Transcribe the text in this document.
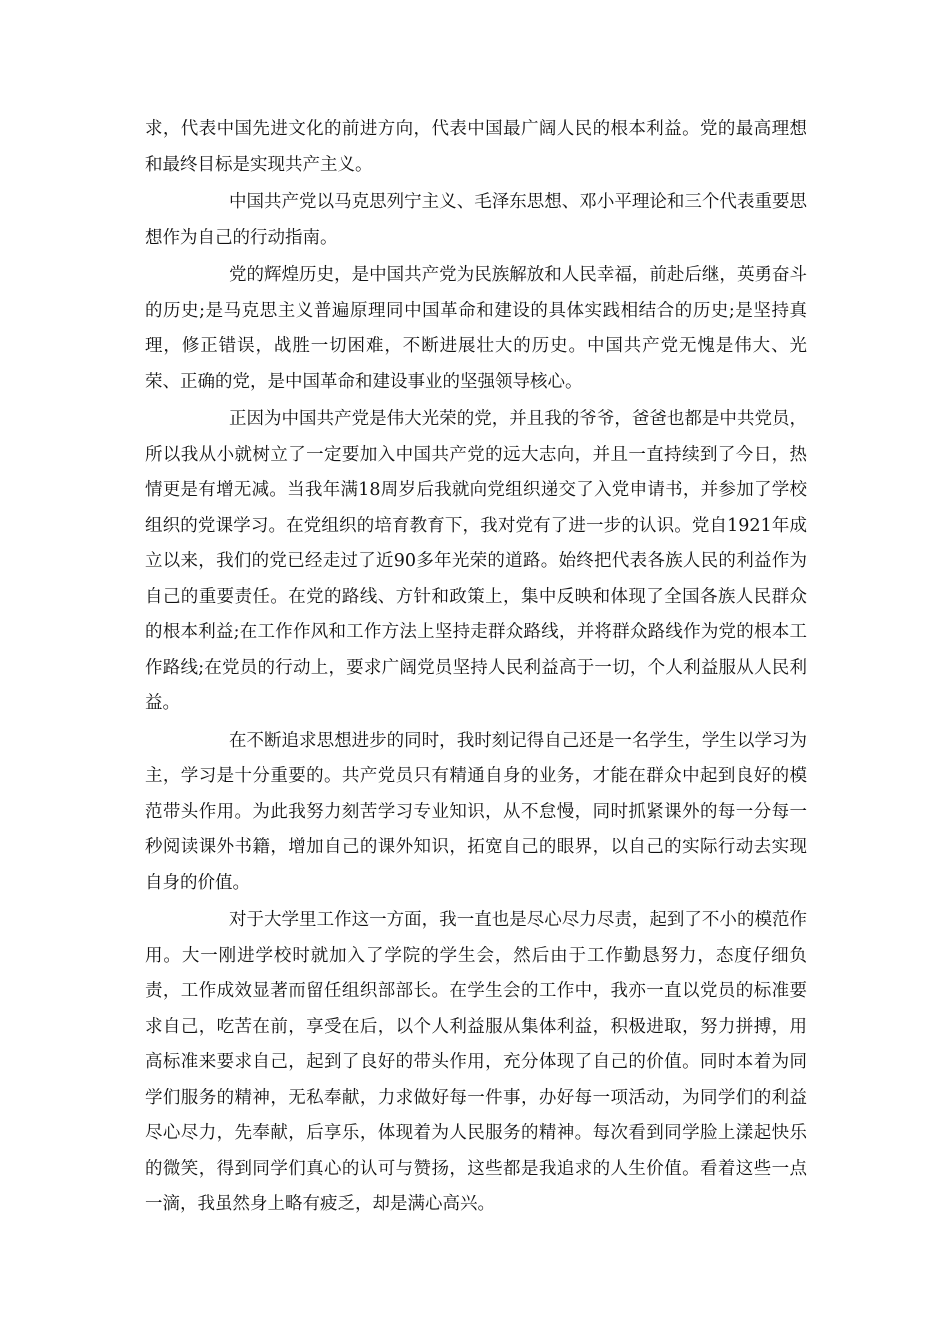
求，代表中国先进文化的前进方向，代表中国最广阔人民的根本利益。党的最高理想和最终目标是实现共产主义。

中国共产党以马克思列宁主义、毛泽东思想、邓小平理论和三个代表重要思想作为自己的行动指南。

党的辉煌历史，是中国共产党为民族解放和人民幸福，前赴后继，英勇奋斗的历史;是马克思主义普遍原理同中国革命和建设的具体实践相结合的历史;是坚持真理，修正错误，战胜一切困难，不断进展壮大的历史。中国共产党无愧是伟大、光荣、正确的党，是中国革命和建设事业的坚强领导核心。

正因为中国共产党是伟大光荣的党，并且我的爷爷，爸爸也都是中共党员，所以我从小就树立了一定要加入中国共产党的远大志向，并且一直持续到了今日，热情更是有增无减。当我年满18周岁后我就向党组织递交了入党申请书，并参加了学校组织的党课学习。在党组织的培育教育下，我对党有了进一步的认识。党自1921年成立以来，我们的党已经走过了近90多年光荣的道路。始终把代表各族人民的利益作为自己的重要责任。在党的路线、方针和政策上，集中反映和体现了全国各族人民群众的根本利益;在工作作风和工作方法上坚持走群众路线，并将群众路线作为党的根本工作路线;在党员的行动上，要求广阔党员坚持人民利益高于一切，个人利益服从人民利益。

在不断追求思想进步的同时，我时刻记得自己还是一名学生，学生以学习为主，学习是十分重要的。共产党员只有精通自身的业务，才能在群众中起到良好的模范带头作用。为此我努力刻苦学习专业知识，从不怠慢，同时抓紧课外的每一分每一秒阅读课外书籍，增加自己的课外知识，拓宽自己的眼界，以自己的实际行动去实现自身的价值。

对于大学里工作这一方面，我一直也是尽心尽力尽责，起到了不小的模范作用。大一刚进学校时就加入了学院的学生会，然后由于工作勤恳努力，态度仔细负责，工作成效显著而留任组织部部长。在学生会的工作中，我亦一直以党员的标准要求自己，吃苦在前，享受在后，以个人利益服从集体利益，积极进取，努力拼搏，用高标准来要求自己，起到了良好的带头作用，充分体现了自己的价值。同时本着为同学们服务的精神，无私奉献，力求做好每一件事，办好每一项活动，为同学们的利益尽心尽力，先奉献，后享乐，体现着为人民服务的精神。每次看到同学脸上漾起快乐的微笑，得到同学们真心的认可与赞扬，这些都是我追求的人生价值。看着这些一点一滴，我虽然身上略有疲乏，却是满心高兴。
